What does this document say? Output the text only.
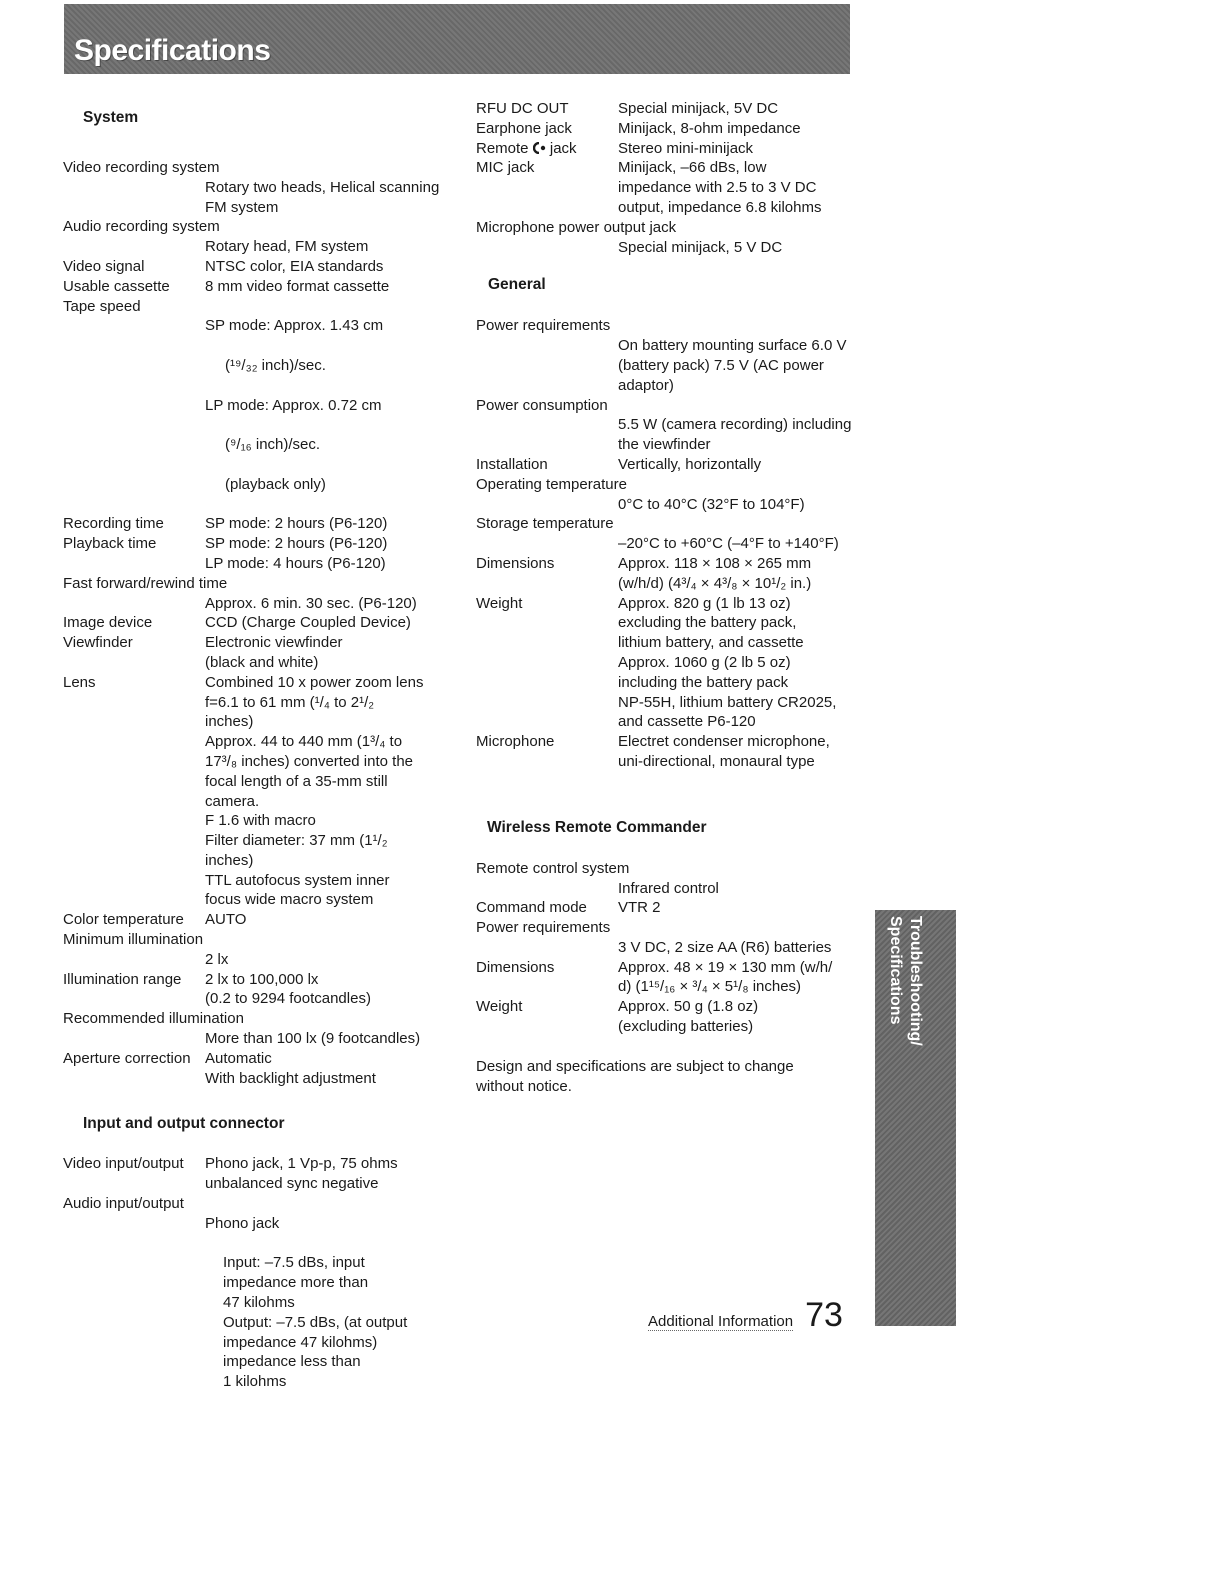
Specifications
System
Video recording system
Rotary two heads, Helical scanning FM system
Audio recording system
Rotary head, FM system
Video signal	NTSC color, EIA standards
Usable cassette	8 mm video format cassette
Tape speed

SP mode: Approx. 1.43 cm

(¹⁹/₃₂ inch)/sec.

LP mode: Approx. 0.72 cm

(⁹/₁₆ inch)/sec.

(playback only)

Recording time	SP mode: 2 hours (P6-120)
Playback time	SP mode: 2 hours (P6-120)
LP mode: 4 hours (P6-120)
Fast forward/rewind time
Approx. 6 min. 30 sec. (P6-120)
Image device	CCD (Charge Coupled Device)
Viewfinder	Electronic viewfinder
(black and white)
Lens	Combined 10 x power zoom lens
f=6.1 to 61 mm (¹/₄ to 2¹/₂
inches)
Approx. 44 to 440 mm (1³/₄ to
17³/₈ inches) converted into the
focal length of a 35-mm still
camera.
F 1.6 with macro
Filter diameter: 37 mm (1¹/₂
inches)
TTL autofocus system inner
focus wide macro system
Color temperature	AUTO
Minimum illumination
2 lx
Illumination range	2 lx to 100,000 lx
(0.2 to 9294 footcandles)
Recommended illumination
More than 100 lx (9 footcandles)
Aperture correction Automatic
With backlight adjustment
Input and output connector
Video input/output	Phono jack, 1 Vp-p, 75 ohms
unbalanced sync negative
Audio input/output

Phono jack

Input: –7.5 dBs, input
impedance more than
47 kilohms
Output: –7.5 dBs, (at output
impedance 47 kilohms)
impedance less than
1 kilohms

RFU DC OUT	Special minijack, 5V DC
Earphone jack	Minijack, 8-ohm impedance
Remote jack	Stereo mini-minijack
MIC jack	Minijack, –66 dBs, low
impedance with 2.5 to 3 V DC
output, impedance 6.8 kilohms
Microphone power output jack
Special minijack, 5 V DC
General
Power requirements
On battery mounting surface 6.0 V (battery pack) 7.5 V (AC power adaptor)
Power consumption
5.5 W (camera recording) including the viewfinder
Installation	Vertically, horizontally
Operating temperature
0°C to 40°C (32°F to 104°F)
Storage temperature
–20°C to +60°C (–4°F to +140°F)
Dimensions	Approx. 118 × 108 × 265 mm
(w/h/d) (4³/₄ × 4³/₈ × 10¹/₂ in.)
Weight	Approx. 820 g (1 lb 13 oz)
excluding the battery pack,
lithium battery, and cassette
Approx. 1060 g (2 lb 5 oz)
including the battery pack
NP-55H, lithium battery CR2025,
and cassette P6-120
Microphone	Electret condenser microphone,
uni-directional, monaural type
Wireless Remote Commander
Remote control system
Infrared control
Command mode	VTR 2
Power requirements
3 V DC, 2 size AA (R6) batteries
Dimensions	Approx. 48 × 19 × 130 mm (w/h/
d) (1¹⁵/₁₆ × ³/₄ × 5¹/₈ inches)
Weight	Approx. 50 g (1.8 oz)
(excluding batteries)
Design and specifications are subject to change
without notice.
Troubleshooting/
Specifications
Additional Information 73
